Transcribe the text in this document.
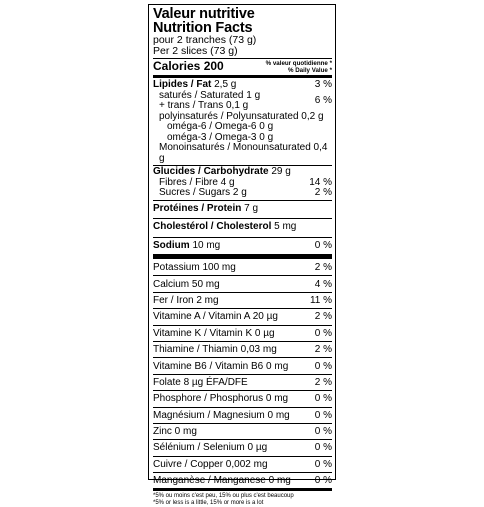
Valeur nutritive
Nutrition Facts
pour 2 tranches (73 g)
Per 2 slices (73 g)
Calories 200	% valeur quotidienne *
% Daily Value *
Lipides / Fat 2,5 g	3 %
saturés / Saturated 1 g
+ trans / Trans 0,1 g	6 %
polyinsaturés / Polyunsaturated 0,2 g
oméga-6 / Omega-6 0 g
oméga-3 / Omega-3 0 g
Monoinsaturés / Monounsaturated 0,4 g
Glucides / Carbohydrate 29 g
Fibres / Fibre 4 g	14 %
Sucres / Sugars 2 g	2 %
Protéines / Protein 7 g
Cholestérol / Cholesterol 5 mg
Sodium 10 mg	0 %
Potassium 100 mg	2 %
Calcium 50 mg	4 %
Fer / Iron 2 mg	11 %
Vitamine A / Vitamin A 20 µg	2 %
Vitamine K / Vitamin K 0 µg	0 %
Thiamine / Thiamin 0,03 mg	2 %
Vitamine B6 / Vitamin B6 0 mg	0 %
Folate 8 µg ÉFA/DFE	2 %
Phosphore / Phosphorus 0 mg	0 %
Magnésium / Magnesium 0 mg	0 %
Zinc 0 mg	0 %
Sélénium / Selenium 0 µg	0 %
Cuivre / Copper 0,002 mg	0 %
Manganèse / Manganese 0 mg 0 %
*5% ou moins c'est peu, 15% ou plus c'est beaucoup
*5% or less is a little, 15% or more is a lot
